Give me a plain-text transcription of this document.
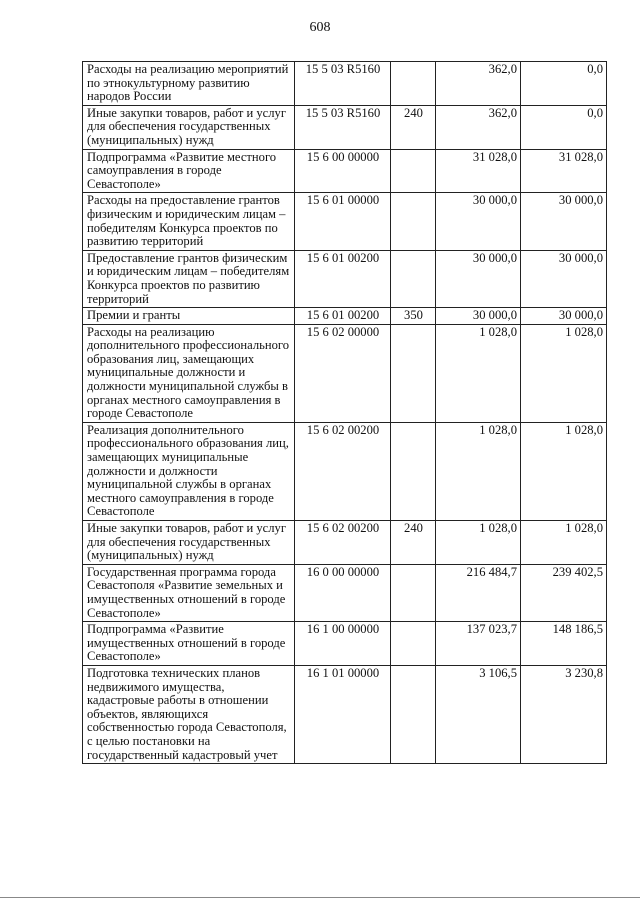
608
Расходы на реализацию мероприятий по этнокультурному развитию народов России	15 5 03 R5160		362,0	0,0
Иные закупки товаров, работ и услуг для обеспечения государственных (муниципальных) нужд	15 5 03 R5160	240	362,0	0,0
Подпрограмма «Развитие местного самоуправления в городе Севастополе»	15 6 00 00000		31 028,0	31 028,0
Расходы на предоставление грантов физическим и юридическим лицам – победителям Конкурса проектов по развитию территорий	15 6 01 00000		30 000,0	30 000,0
Предоставление грантов физическим и юридическим лицам – победителям Конкурса проектов по развитию территорий	15 6 01 00200		30 000,0	30 000,0
Премии и гранты	15 6 01 00200	350	30 000,0	30 000,0
Расходы на реализацию дополнительного профессионального образования лиц, замещающих муниципальные должности и должности муниципальной службы в органах местного самоуправления в городе Севастополе	15 6 02 00000		1 028,0	1 028,0
Реализация дополнительного профессионального образования лиц, замещающих муниципальные должности и должности муниципальной службы в органах местного самоуправления в городе Севастополе	15 6 02 00200		1 028,0	1 028,0
Иные закупки товаров, работ и услуг для обеспечения государственных (муниципальных) нужд	15 6 02 00200	240	1 028,0	1 028,0
Государственная программа города Севастополя «Развитие земельных и имущественных отношений в городе Севастополе»	16 0 00 00000		216 484,7	239 402,5
Подпрограмма «Развитие имущественных отношений в городе Севастополе»	16 1 00 00000		137 023,7	148 186,5
Подготовка технических планов недвижимого имущества, кадастровые работы в отношении объектов, являющихся собственностью города Севастополя, с целью постановки на государственный кадастровый учет	16 1 01 00000		3 106,5	3 230,8
